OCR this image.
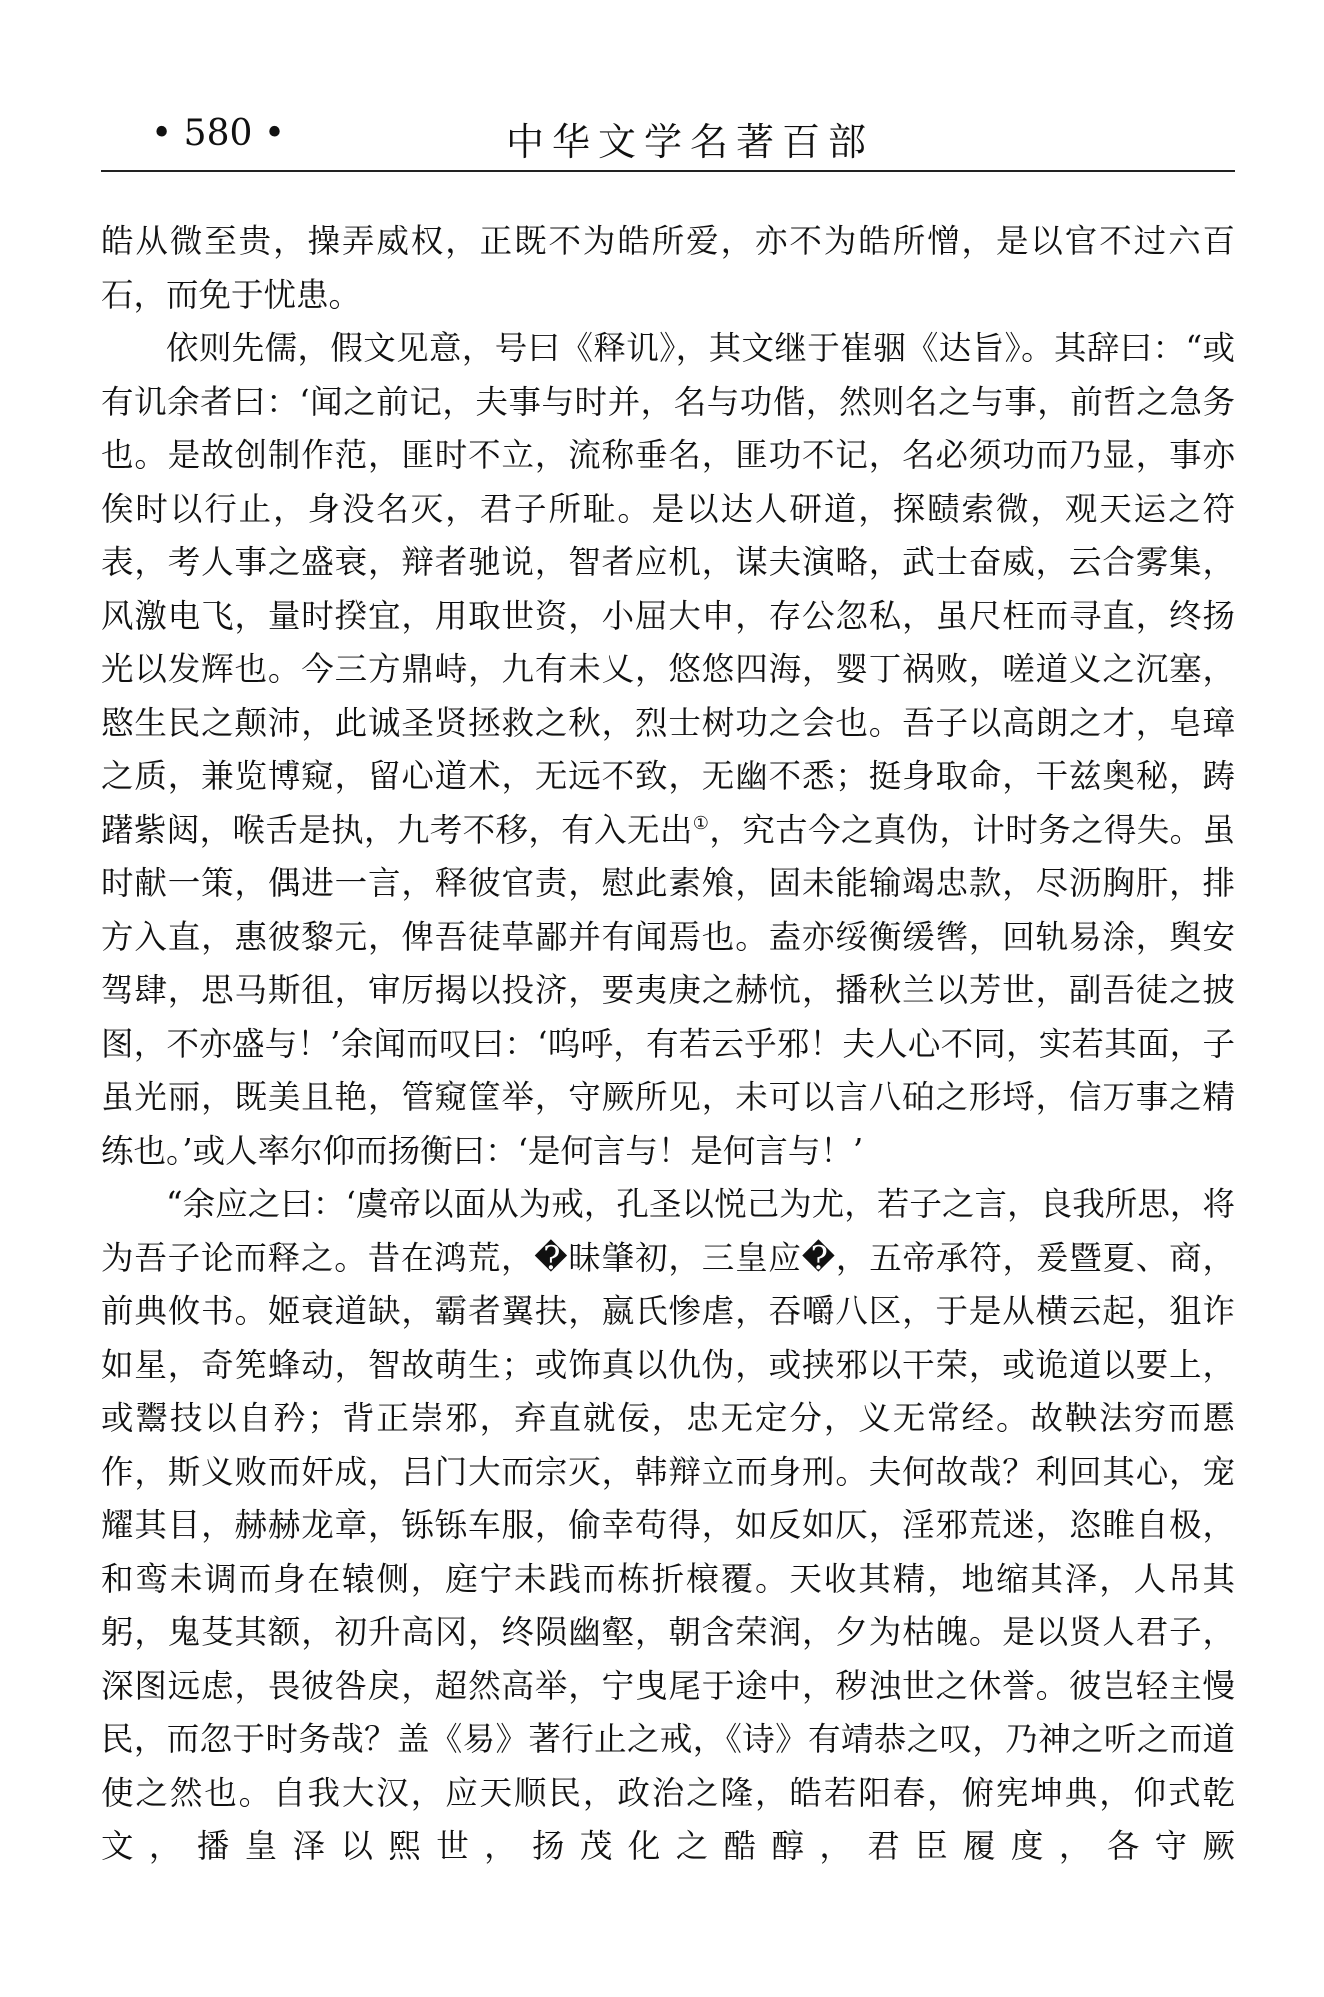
• 580 •	中华文学名著百部

皓从微至贵，操弄威权，正既不为皓所爱，亦不为皓所憎，是以官不过六百石，而免于忧患。

依则先儒，假文见意，号曰《释讥》，其文继于崔骃《达旨》。其辞曰：“或有讥余者曰：‘闻之前记，夫事与时并，名与功偕，然则名之与事，前哲之急务也。是故创制作范，匪时不立，流称垂名，匪功不记，名必须功而乃显，事亦俟时以行止，身没名灭，君子所耻。是以达人研道，探赜索微，观天运之符表，考人事之盛衰，辩者驰说，智者应机，谋夫演略，武士奋威，云合雾集，风激电飞，量时揆宜，用取世资，小屈大申，存公忽私，虽尺枉而寻直，终扬光以发辉也。今三方鼎峙，九有未乂，悠悠四海，婴丁祸败，嗟道义之沉塞，愍生民之颠沛，此诚圣贤拯救之秋，烈士树功之会也。吾子以高朗之才，皂璋之质，兼览博窥，留心道术，无远不致，无幽不悉；挺身取命，干兹奥秘，踌躇紫闼，喉舌是执，九考不移，有入无出①，究古今之真伪，计时务之得失。虽时献一策，偶进一言，释彼官责，慰此素飧，固未能输竭忠款，尽沥胸肝，排方入直，惠彼黎元，俾吾徒草鄙并有闻焉也。盍亦绥衡缓辔，回轨易涂，舆安驾肆，思马斯徂，审厉揭以投济，要夷庚之赫忼，播秋兰以芳世，副吾徒之披图，不亦盛与！’余闻而叹曰：‘呜呼，有若云乎邪！夫人心不同，实若其面，子虽光丽，既美且艳，管窥筐举，守厥所见，未可以言八砶之形埒，信万事之精练也。’或人率尔仰而扬衡曰：‘是何言与！是何言与！’

“余应之曰：‘虞帝以面从为戒，孔圣以悦己为尤，若子之言，良我所思，将为吾子论而释之。昔在鸿荒，�昧肇初，三皇应�，五帝承符，爰暨夏、商，前典攸书。姬衰道缺，霸者翼扶，嬴氏惨虐，吞嚼八区，于是从横云起，狙诈如星，奇筅蜂动，智故萌生；或饰真以仇伪，或挟邪以干荣，或诡道以要上，或鬻技以自矜；背正崇邪，弃直就佞，忠无定分，义无常经。故鞅法穷而慝作，斯义败而奸成，吕门大而宗灭，韩辩立而身刑。夫何故哉？利回其心，宠耀其目，赫赫龙章，铄铄车服，偷幸苟得，如反如仄，淫邪荒迷，恣睢自极，和鸾未调而身在辕侧，庭宁未践而栋折榱覆。天收其精，地缩其泽，人吊其躬，鬼芟其额，初升高冈，终陨幽壑，朝含荣润，夕为枯魄。是以贤人君子，深图远虑，畏彼咎戾，超然高举，宁曳尾于途中，秽浊世之休誉。彼岂轻主慢民，而忽于时务哉？盖《易》著行止之戒，《诗》有靖恭之叹，乃神之听之而道使之然也。自我大汉，应天顺民，政治之隆，皓若阳春，俯宪坤典，仰式乾文，播皇泽以熙世，扬茂化之酷醇，君臣履度，各守厥
